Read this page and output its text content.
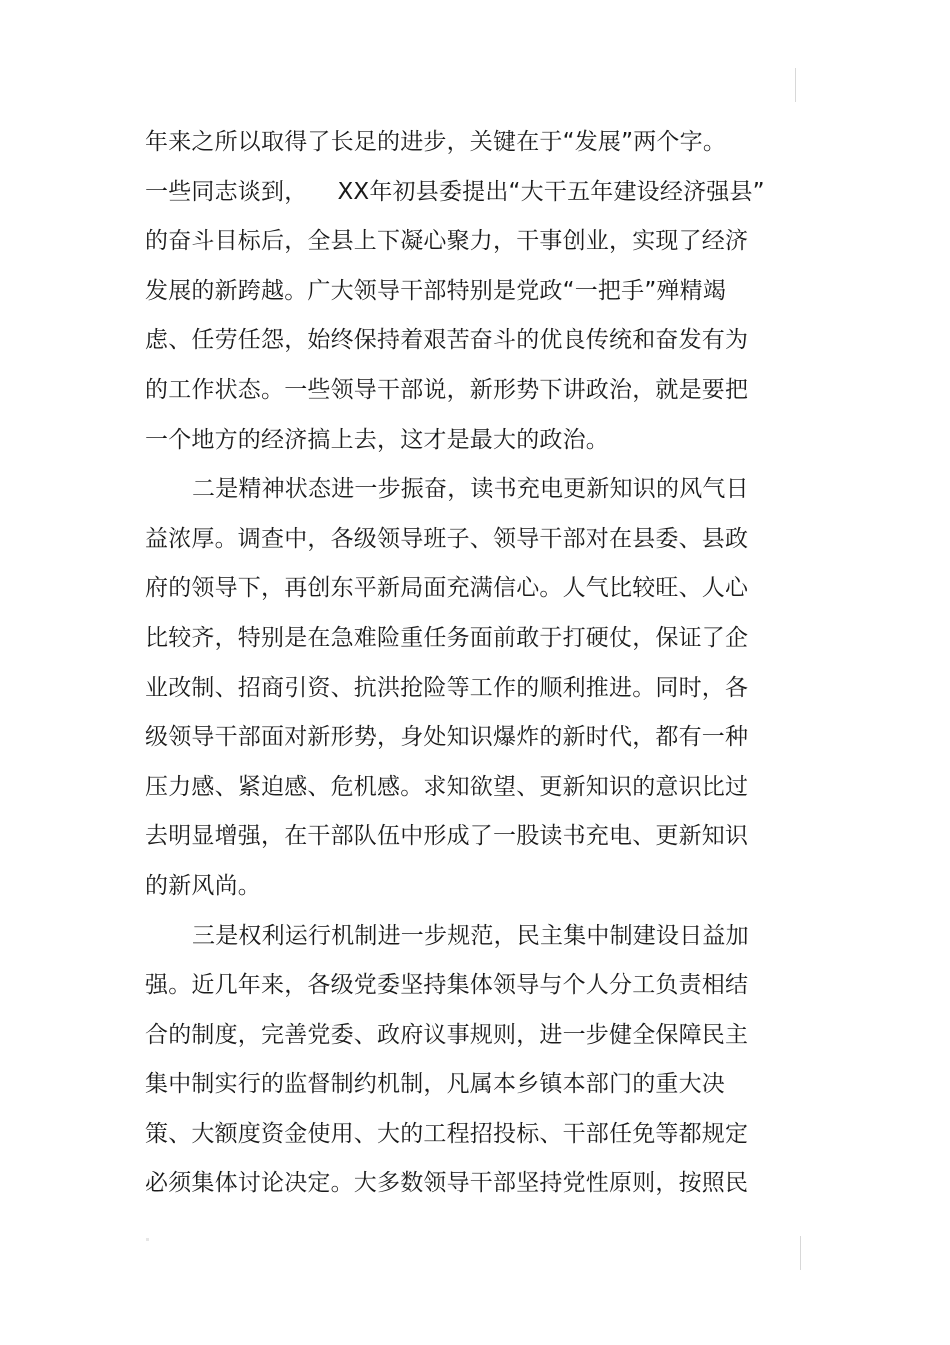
年来之所以取得了长足的进步，关键在于“发展”两个字。
一些同志谈到，    XX年初县委提出“大干五年建设经济强县”
的奋斗目标后，全县上下凝心聚力，干事创业，实现了经济
发展的新跨越。广大领导干部特别是党政“一把手”殚精竭
虑、任劳任怨，始终保持着艰苦奋斗的优良传统和奋发有为
的工作状态。一些领导干部说，新形势下讲政治，就是要把
一个地方的经济搞上去，这才是最大的政治。
二是精神状态进一步振奋，读书充电更新知识的风气日
益浓厚。调查中，各级领导班子、领导干部对在县委、县政
府的领导下，再创东平新局面充满信心。人气比较旺、人心
比较齐，特别是在急难险重任务面前敢于打硬仗，保证了企
业改制、招商引资、抗洪抢险等工作的顺利推进。同时，各
级领导干部面对新形势，身处知识爆炸的新时代，都有一种
压力感、紧迫感、危机感。求知欲望、更新知识的意识比过
去明显增强，在干部队伍中形成了一股读书充电、更新知识
的新风尚。
三是权利运行机制进一步规范，民主集中制建设日益加
强。近几年来，各级党委坚持集体领导与个人分工负责相结
合的制度，完善党委、政府议事规则，进一步健全保障民主
集中制实行的监督制约机制，凡属本乡镇本部门的重大决
策、大额度资金使用、大的工程招投标、干部任免等都规定
必须集体讨论决定。大多数领导干部坚持党性原则，按照民
